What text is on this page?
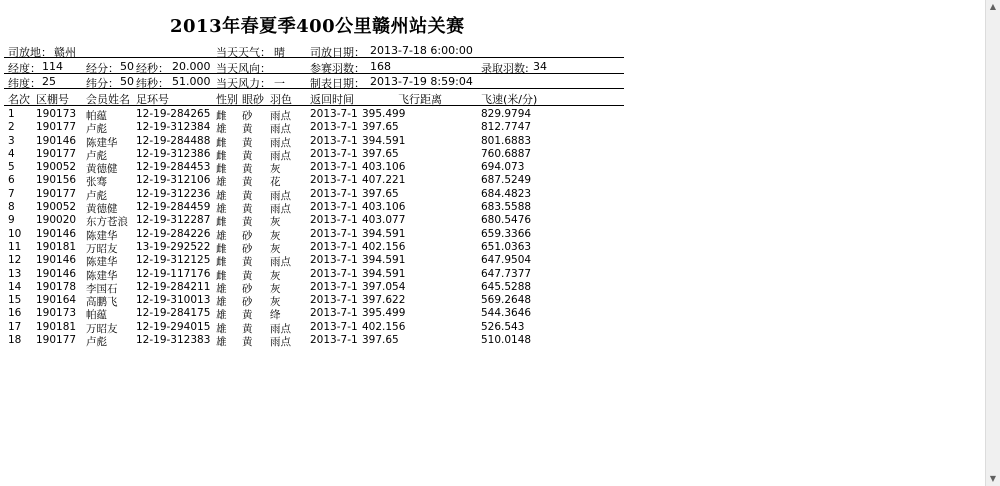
2013年春夏季400公里赣州站关赛
司放地： 赣州	当天天气： 晴 司放日期： 2013-7-18 6:00:00
经度： 114 经分： 50 经秒： 20.000 当天风向：	参赛羽数： 168	录取羽数: 34
纬度： 25	纬分： 50 纬秒： 51.000 当天风力： 一 制表日期： 2013-7-19 8:59:04
名次 区棚号 会员姓名 足环号	性别 眼砂 羽色 返回时间	飞行距离	飞速(米/分)
1 190173 帕蕴	12-19-284265 雌 砂 雨点 2013-7-1 395.499	829.9794
2 190177 卢彪	12-19-312384 雄 黄 雨点 2013-7-1 397.65	812.7747
3 190146 陈建华 12-19-284488 雌 黄 雨点 2013-7-1 394.591	801.6883
4 190177 卢彪	12-19-312386 雌 黄 雨点 2013-7-1 397.65	760.6887
5 190052 黄德健 12-19-284453 雌 黄 灰	2013-7-1 403.106	694.073
6 190156 张骞	12-19-312106 雄 黄 花	2013-7-1 407.221	687.5249
7 190177 卢彪	12-19-312236 雄 黄 雨点 2013-7-1 397.65	684.4823
8 190052 黄德健 12-19-284459 雄 黄 雨点 2013-7-1 403.106	683.5588
9 190020 东方苍浪 12-19-312287 雌 黄 灰	2013-7-1 403.077	680.5476
10 190146 陈建华 12-19-284226 雄 砂 灰	2013-7-1 394.591	659.3366
11 190181 万昭友 13-19-292522 雌 砂 灰	2013-7-1 402.156	651.0363
12 190146 陈建华 12-19-312125 雌 黄 雨点 2013-7-1 394.591	647.9504
13 190146 陈建华 12-19-117176 雌 黄 灰	2013-7-1 394.591	647.7377
14 190178 李国石 12-19-284211 雄 砂 灰	2013-7-1 397.054	645.5288
15 190164 高鹏飞 12-19-310013 雄 砂 灰	2013-7-1 397.622	569.2648
16 190173 帕蕴	12-19-284175 雄 黄 绛	2013-7-1 395.499	544.3646
17 190181 万昭友 12-19-294015 雄 黄 雨点 2013-7-1 402.156	526.543
18 190177 卢彪	12-19-312383 雄 黄 雨点 2013-7-1 397.65	510.0148
▲
▼
